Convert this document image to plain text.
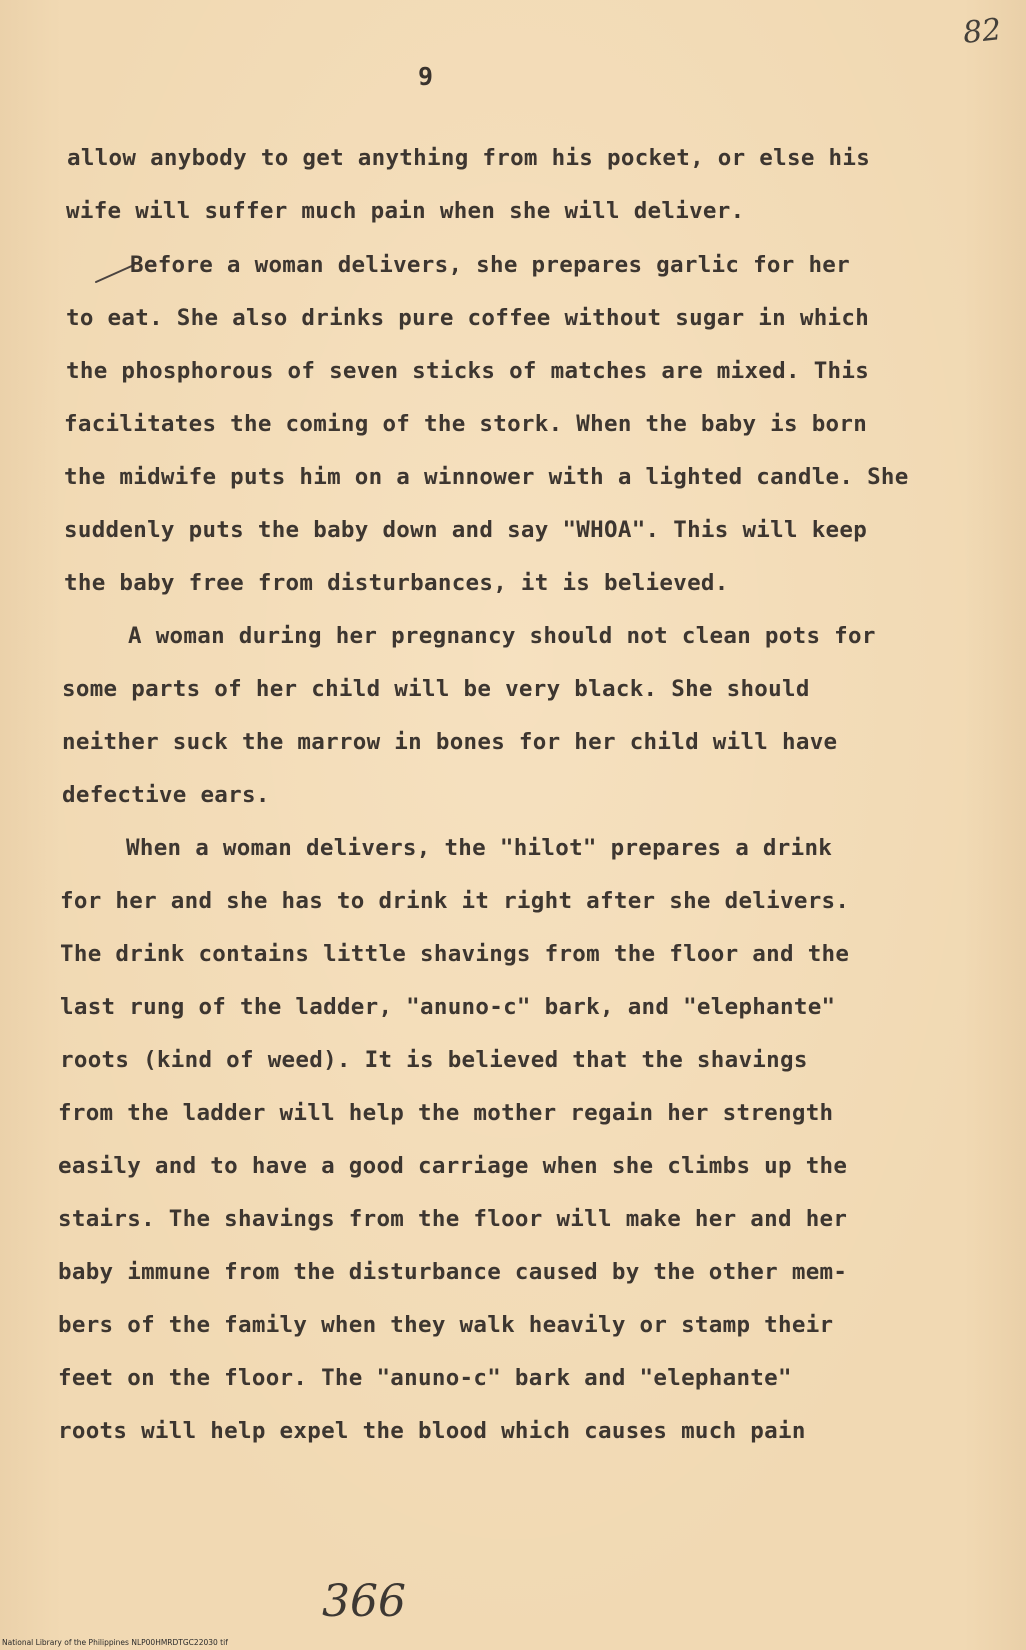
9
82
allow anybody to get anything from his pocket, or else his
wife will suffer much pain when she will deliver.
Before a woman delivers, she prepares garlic for her
to eat. She also drinks pure coffee without sugar in which
the phosphorous of seven sticks of matches are mixed. This
facilitates the coming of the stork. When the baby is born
the midwife puts him on a winnower with a lighted candle. She
suddenly puts the baby down and say "WHOA". This will keep
the baby free from disturbances, it is believed.
A woman during her pregnancy should not clean pots for
some parts of her child will be very black. She should
neither suck the marrow in bones for her child will have
defective ears.
When a woman delivers, the "hilot" prepares a drink
for her and she has to drink it right after she delivers.
The drink contains little shavings from the floor and the
last rung of the ladder, "anuno-c" bark, and "elephante"
roots (kind of weed). It is believed that the shavings
from the ladder will help the mother regain her strength
easily and to have a good carriage when she climbs up the
stairs. The shavings from the floor will make her and her
baby immune from the disturbance caused by the other mem-
bers of the family when they walk heavily or stamp their
feet on the floor. The "anuno-c" bark and "elephante"
roots will help expel the blood which causes much pain
366
National Library of the Philippines NLP00HMRDTGC22030 tif
